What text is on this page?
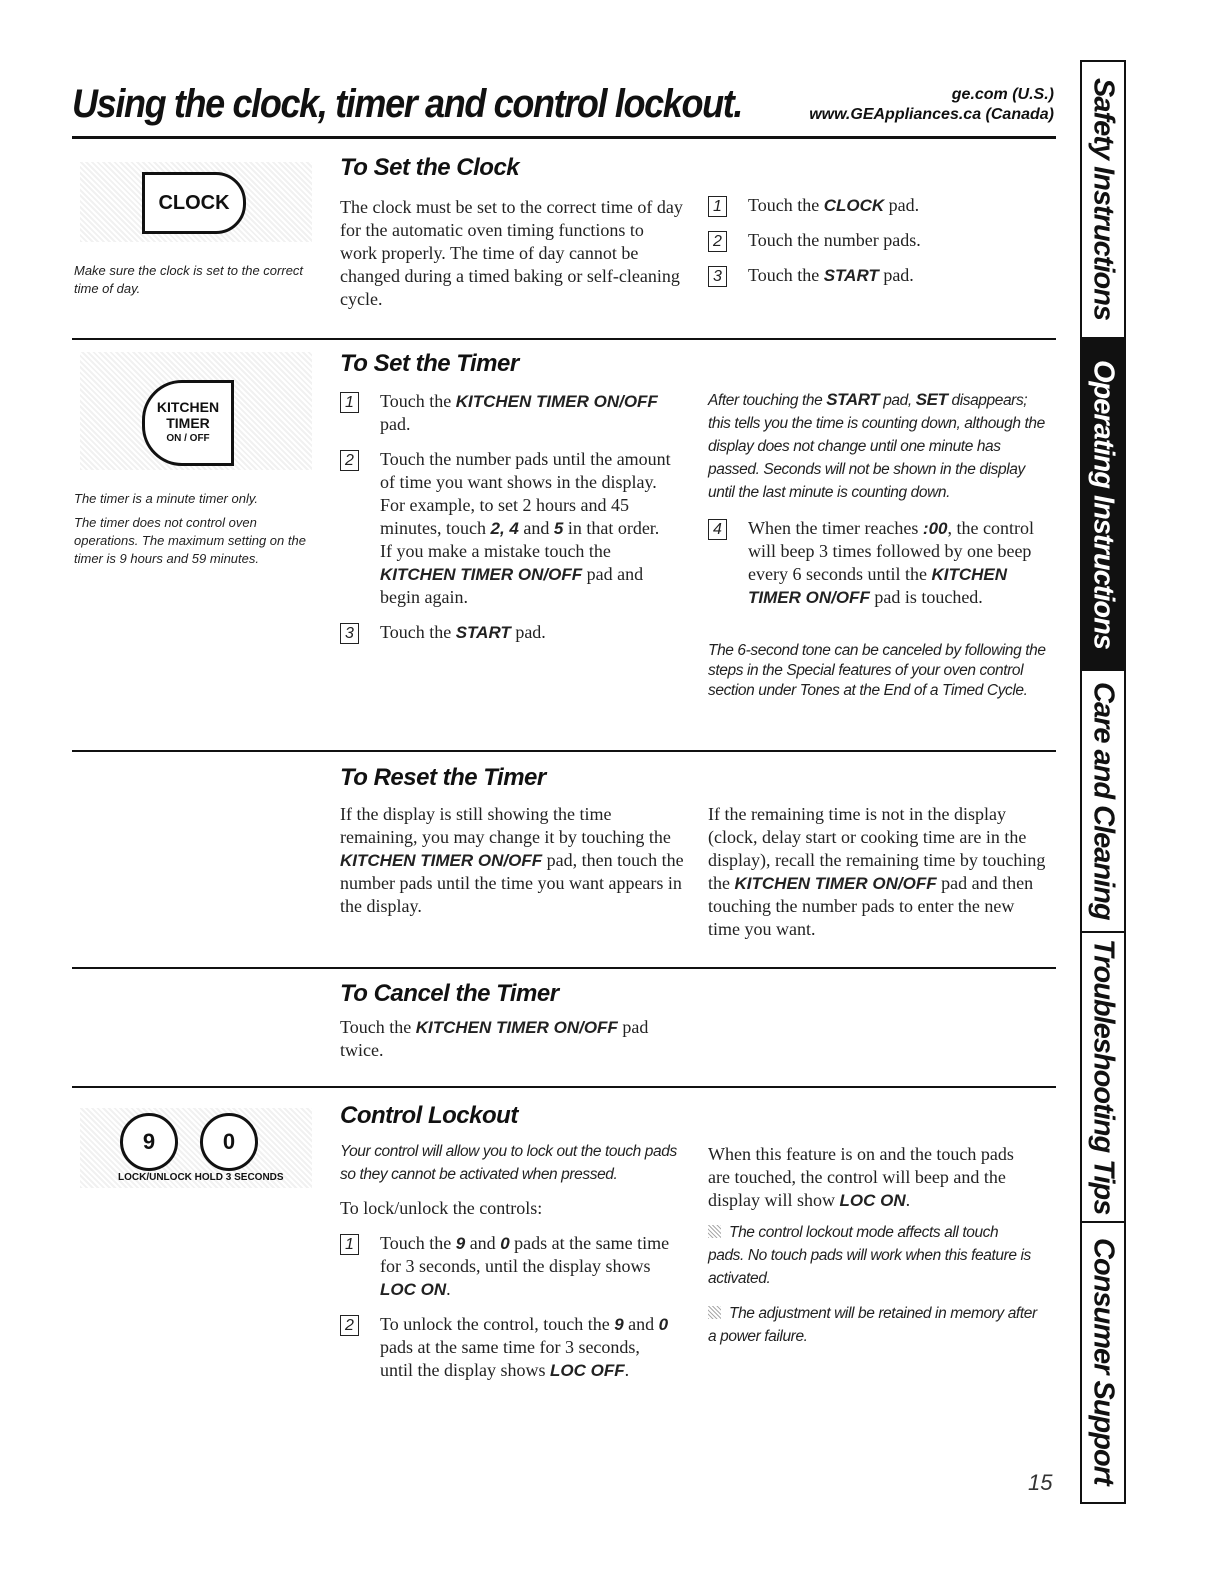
Using the clock, timer and control lockout.	ge.com (U.S.)
www.GEAppliances.ca (Canada)
CLOCK
Make sure the clock is set to the correct time of day.
To Set the Clock
The clock must be set to the correct time of day for the automatic oven timing functions to work properly. The time of day cannot be changed during a timed baking or self-cleaning cycle.
1 Touch the CLOCK pad.
2 Touch the number pads.
3 Touch the START pad.
KITCHEN
TIMER
ON / OFF
The timer is a minute timer only.
The timer does not control oven operations. The maximum setting on the timer is 9 hours and 59 minutes.
To Set the Timer
1 Touch the KITCHEN TIMER ON/OFF pad.
2 Touch the number pads until the amount of time you want shows in the display. For example, to set 2 hours and 45 minutes, touch 2, 4 and 5 in that order. If you make a mistake touch the KITCHEN TIMER ON/OFF pad and begin again.
3 Touch the START pad.
After touching the START pad, SET disappears; this tells you the time is counting down, although the display does not change until one minute has passed. Seconds will not be shown in the display until the last minute is counting down.
4 When the timer reaches :00, the control will beep 3 times followed by one beep every 6 seconds until the KITCHEN TIMER ON/OFF pad is touched.
The 6-second tone can be canceled by following the steps in the Special features of your oven control section under Tones at the End of a Timed Cycle.
To Reset the Timer
If the display is still showing the time remaining, you may change it by touching the KITCHEN TIMER ON/OFF pad, then touch the number pads until the time you want appears in the display.
If the remaining time is not in the display (clock, delay start or cooking time are in the display), recall the remaining time by touching the KITCHEN TIMER ON/OFF pad and then touching the number pads to enter the new time you want.
To Cancel the Timer
Touch the KITCHEN TIMER ON/OFF pad twice.
9	0
LOCK/UNLOCK HOLD 3 SECONDS
Control Lockout
Your control will allow you to lock out the touch pads so they cannot be activated when pressed.
To lock/unlock the controls:
1 Touch the 9 and 0 pads at the same time for 3 seconds, until the display shows LOC ON.
2 To unlock the control, touch the 9 and 0 pads at the same time for 3 seconds, until the display shows LOC OFF.
When this feature is on and the touch pads are touched, the control will beep and the display will show LOC ON.
The control lockout mode affects all touch pads. No touch pads will work when this feature is activated.
The adjustment will be retained in memory after a power failure.
15
Safety Instructions
Operating Instructions
Care and Cleaning
Troubleshooting Tips
Consumer Support
